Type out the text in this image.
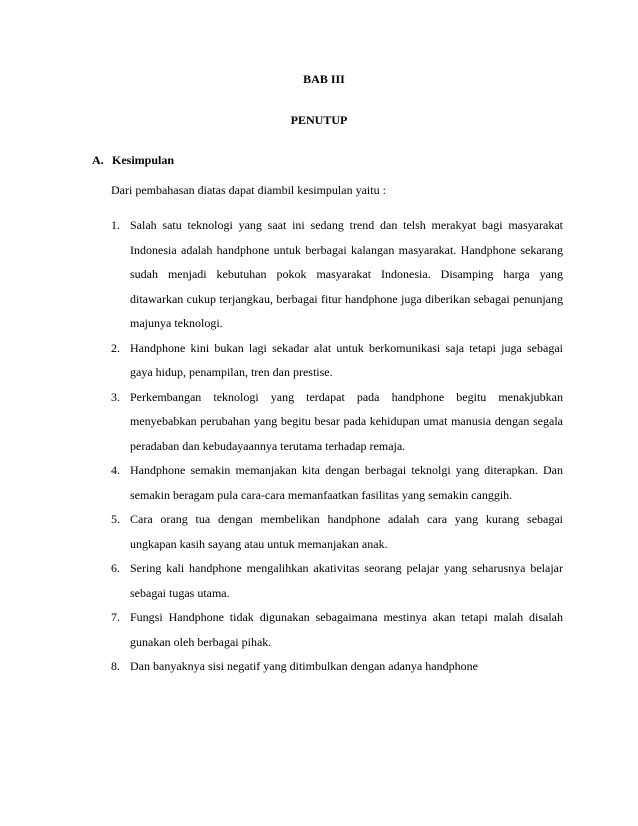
BAB III
PENUTUP
A. Kesimpulan
Dari pembahasan diatas dapat diambil kesimpulan yaitu :
1. Salah satu teknologi yang saat ini sedang trend dan telsh merakyat bagi masyarakat Indonesia adalah handphone untuk berbagai kalangan masyarakat. Handphone sekarang sudah menjadi kebutuhan pokok masyarakat Indonesia. Disamping harga yang ditawarkan cukup terjangkau, berbagai fitur handphone juga diberikan sebagai penunjang majunya teknologi.
2. Handphone kini bukan lagi sekadar alat untuk berkomunikasi saja tetapi juga sebagai gaya hidup, penampilan, tren dan prestise.
3. Perkembangan teknologi yang terdapat pada handphone begitu menakjubkan menyebabkan perubahan yang begitu besar pada kehidupan umat manusia dengan segala peradaban dan kebudayaannya terutama terhadap remaja.
4. Handphone semakin memanjakan kita dengan berbagai teknolgi yang diterapkan. Dan semakin beragam pula cara-cara memanfaatkan fasilitas yang semakin canggih.
5. Cara orang tua dengan membelikan handphone adalah cara yang kurang sebagai ungkapan kasih sayang atau untuk memanjakan anak.
6. Sering kali handphone mengalihkan akativitas seorang pelajar yang seharusnya belajar sebagai tugas utama.
7. Fungsi Handphone tidak digunakan sebagaimana mestinya akan tetapi malah disalah gunakan oleh berbagai pihak.
8. Dan banyaknya sisi negatif yang ditimbulkan dengan adanya handphone
